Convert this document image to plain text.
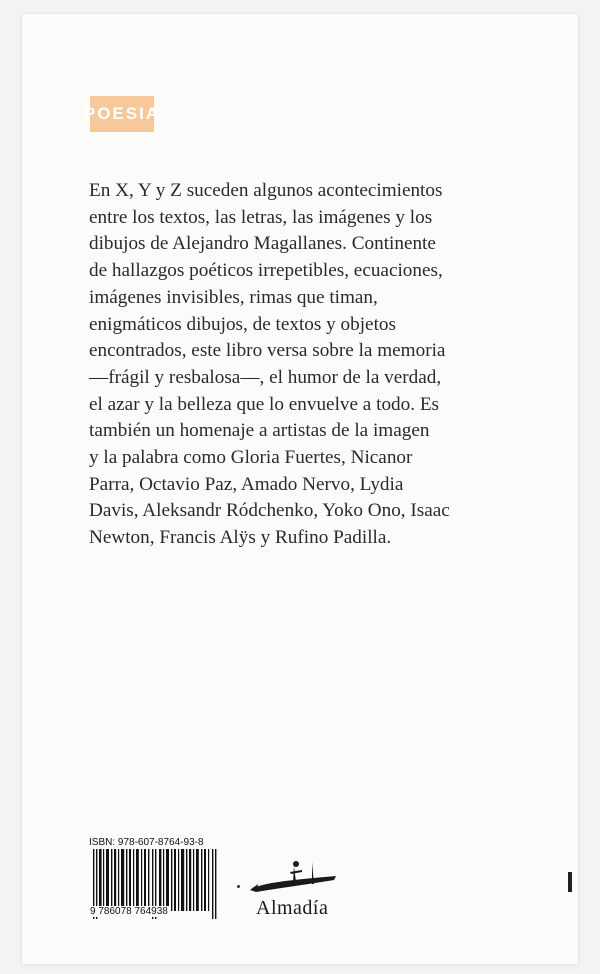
POESIA

En X, Y y Z suceden algunos acontecimientos

entre los textos, las letras, las imágenes y los

dibujos de Alejandro Magallanes. Continente

de hallazgos poéticos irrepetibles, ecuaciones,

imágenes invisibles, rimas que timan,

enigmáticos dibujos, de textos y objetos

encontrados, este libro versa sobre la memoria

—frágil y resbalosa—, el humor de la verdad,

el azar y la belleza que lo envuelve a todo. Es

también un homenaje a artistas de la imagen

y la palabra como Gloria Fuertes, Nicanor

Parra, Octavio Paz, Amado Nervo, Lydia

Davis, Aleksandr Ródchenko, Yoko Ono, Isaac

Newton, Francis Alÿs y Rufino Padilla.

ISBN: 978-607-8764-93-8
9 786078 764938	Almadía
